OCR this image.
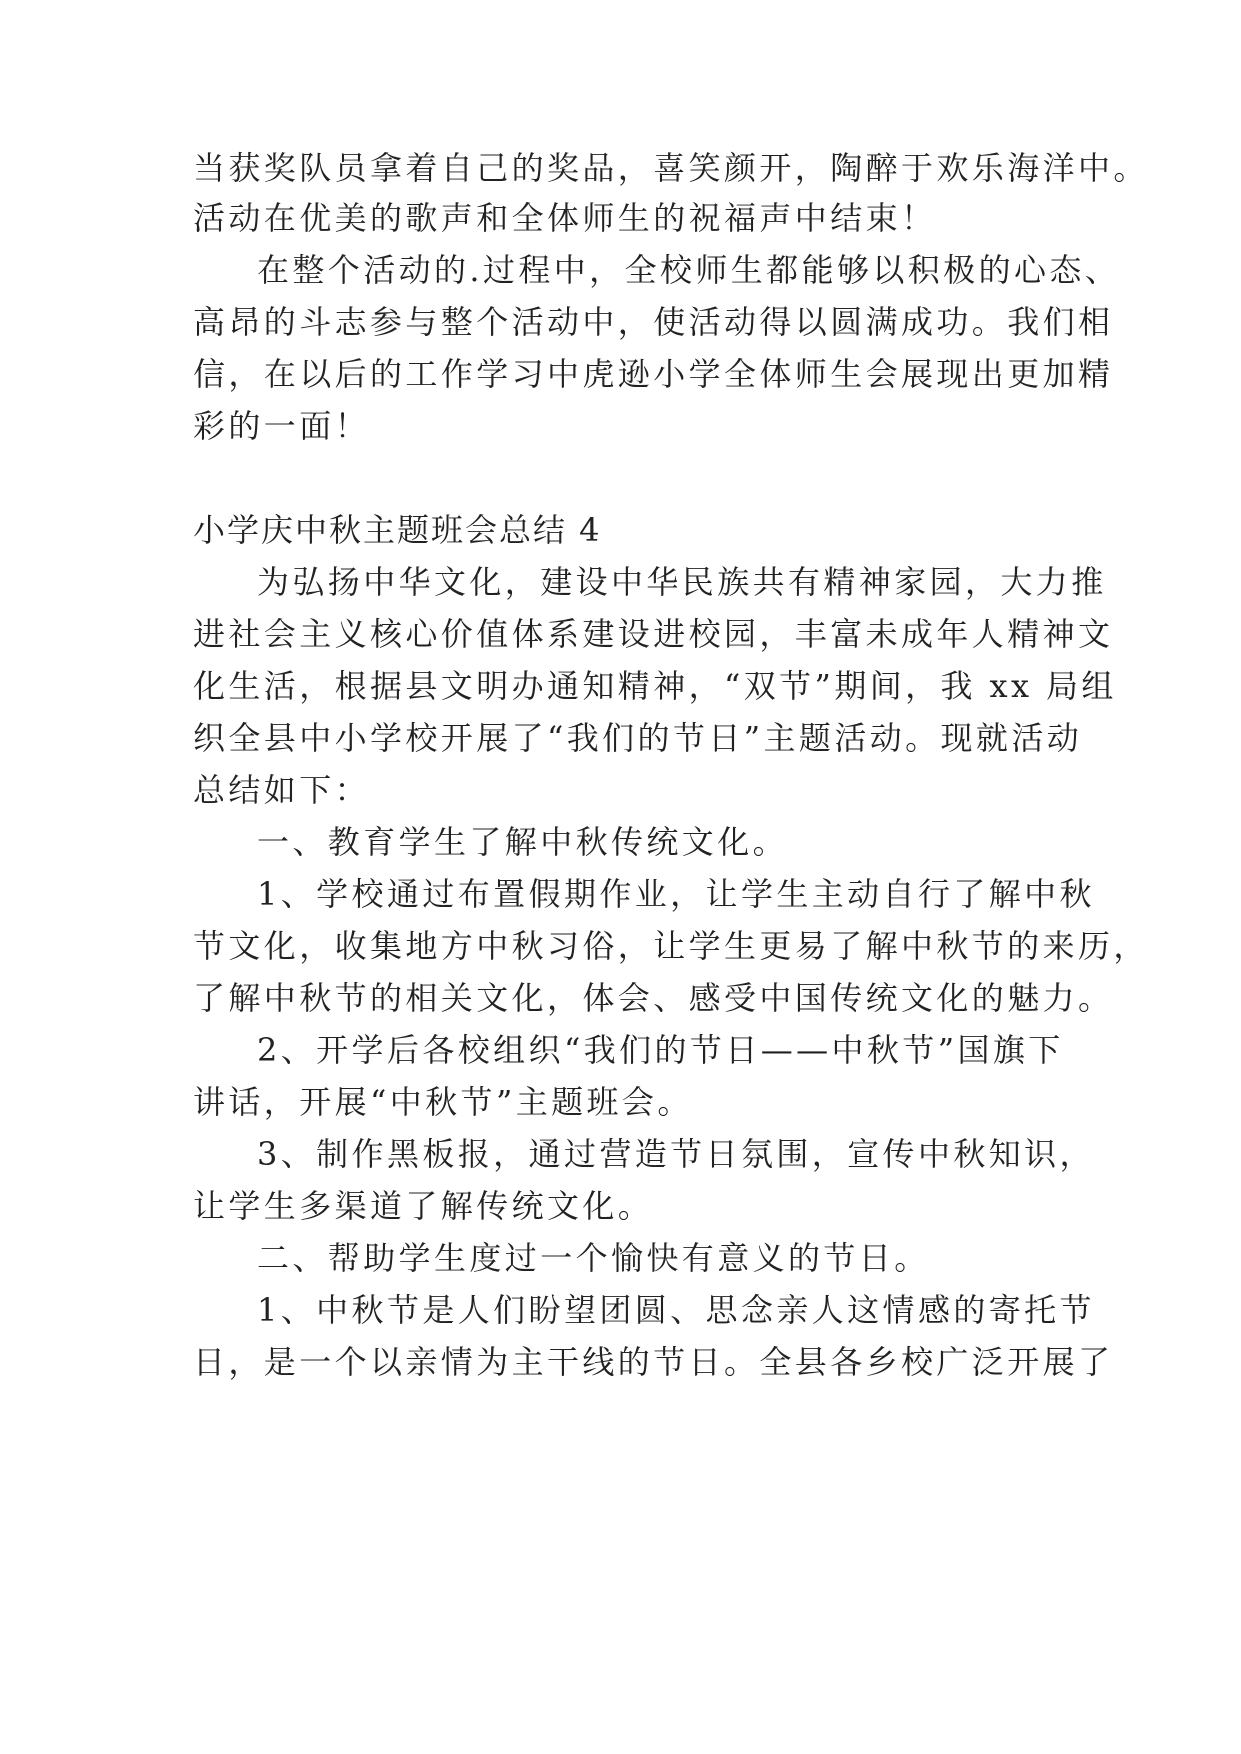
当获奖队员拿着自己的奖品，喜笑颜开，陶醉于欢乐海洋中。
活动在优美的歌声和全体师生的祝福声中结束！
在整个活动的.过程中，全校师生都能够以积极的心态、
高昂的斗志参与整个活动中，使活动得以圆满成功。我们相
信，在以后的工作学习中虎逊小学全体师生会展现出更加精
彩的一面！
小学庆中秋主题班会总结 4
为弘扬中华文化，建设中华民族共有精神家园，大力推
进社会主义核心价值体系建设进校园，丰富未成年人精神文
化生活，根据县文明办通知精神，“双节”期间，我 xx 局组
织全县中小学校开展了“我们的节日”主题活动。现就活动
总结如下：
一、教育学生了解中秋传统文化。
1、学校通过布置假期作业，让学生主动自行了解中秋
节文化，收集地方中秋习俗，让学生更易了解中秋节的来历，
了解中秋节的相关文化，体会、感受中国传统文化的魅力。
2、开学后各校组织“我们的节日——中秋节”国旗下
讲话，开展“中秋节”主题班会。
3、制作黑板报，通过营造节日氛围，宣传中秋知识，
让学生多渠道了解传统文化。
二、帮助学生度过一个愉快有意义的节日。
1、中秋节是人们盼望团圆、思念亲人这情感的寄托节
日，是一个以亲情为主干线的节日。全县各乡校广泛开展了
